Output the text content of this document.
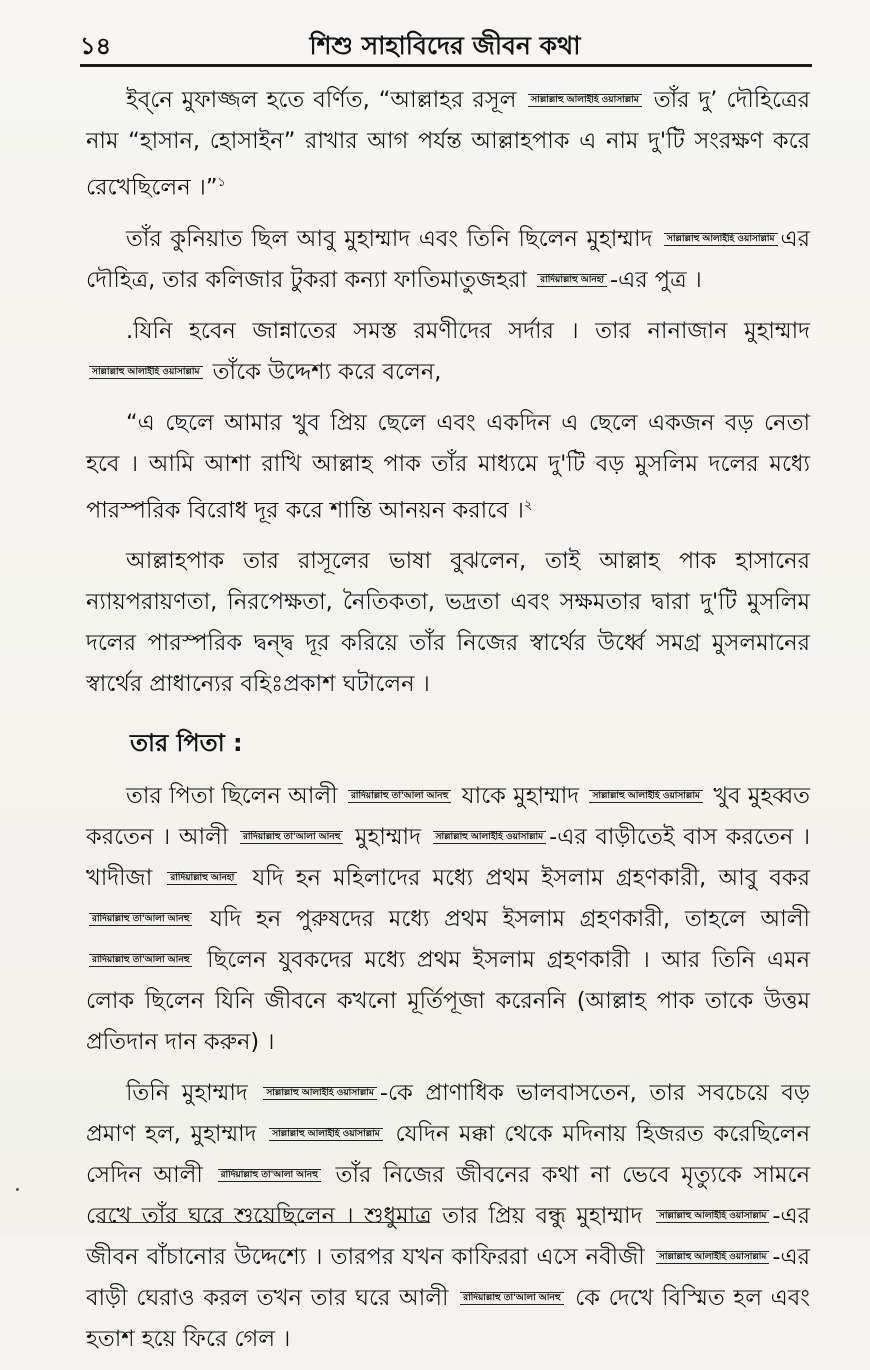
১৪	শিশু সাহাবিদের জীবন কথা

ইব্‌নে মুফাজ্জল হতে বর্ণিত, “আল্লাহর রসূল সাল্লাল্লাহু আলাইহি ওয়াসাল্লাম তাঁর দু’ দৌহিত্রের নাম “হাসান, হোসাইন” রাখার আগ পর্যন্ত আল্লাহপাক এ নাম দু'টি সংরক্ষণ করে রেখেছিলেন ।”$^১$

তাঁর কুনিয়াত ছিল আবু মুহাম্মাদ এবং তিনি ছিলেন মুহাম্মাদ সাল্লাল্লাহু আলাইহি ওয়াসাল্লাম এর দৌহিত্র, তার কলিজার টুকরা কন্যা ফাতিমাতুজহরা রাদিয়াল্লাহু আনহা -এর পুত্র ।

.যিনি হবেন জান্নাতের সমস্ত রমণীদের সর্দার । তার নানাজান মুহাম্মাদ সাল্লাল্লাহু আলাইহি ওয়াসাল্লাম তাঁকে উদ্দেশ্য করে বলেন,

“এ ছেলে আমার খুব প্রিয় ছেলে এবং একদিন এ ছেলে একজন বড় নেতা হবে । আমি আশা রাখি আল্লাহ পাক তাঁর মাধ্যমে দু'টি বড় মুসলিম দলের মধ্যে পারস্পরিক বিরোধ দূর করে শান্তি আনয়ন করাবে ।$^২$

আল্লাহপাক তার রাসূলের ভাষা বুঝলেন, তাই আল্লাহ পাক হাসানের ন্যায়পরায়ণতা, নিরপেক্ষতা, নৈতিকতা, ভদ্রতা এবং সক্ষমতার দ্বারা দু'টি মুসলিম দলের পারস্পরিক দ্বন্দ্ব দূর করিয়ে তাঁর নিজের স্বার্থের উর্ধ্বে সমগ্র মুসলমানের স্বার্থের প্রাধান্যের বহিঃপ্রকাশ ঘটালেন ।

তার পিতা :

তার পিতা ছিলেন আলী রাদিয়াল্লাহু তা'আলা আনহু যাকে মুহাম্মাদ সাল্লাল্লাহু আলাইহি ওয়াসাল্লাম খুব মুহব্বত করতেন । আলী রাদিয়াল্লাহু তা'আলা আনহু মুহাম্মাদ সাল্লাল্লাহু আলাইহি ওয়াসাল্লাম -এর বাড়ীতেই বাস করতেন । খাদীজা রাদিয়াল্লাহু আনহা যদি হন মহিলাদের মধ্যে প্রথম ইসলাম গ্রহণকারী, আবু বকর রাদিয়াল্লাহু তা'আলা আনহু যদি হন পুরুষদের মধ্যে প্রথম ইসলাম গ্রহণকারী, তাহলে আলী রাদিয়াল্লাহু তা'আলা আনহু ছিলেন যুবকদের মধ্যে প্রথম ইসলাম গ্রহণকারী । আর তিনি এমন লোক ছিলেন যিনি জীবনে কখনো মূর্তিপূজা করেননি (আল্লাহ পাক তাকে উত্তম প্রতিদান দান করুন) ।

তিনি মুহাম্মাদ সাল্লাল্লাহু আলাইহি ওয়াসাল্লাম -কে প্রাণাধিক ভালবাসতেন, তার সবচেয়ে বড় প্রমাণ হল, মুহাম্মাদ সাল্লাল্লাহু আলাইহি ওয়াসাল্লাম যেদিন মক্কা থেকে মদিনায় হিজরত করেছিলেন সেদিন আলী রাদিয়াল্লাহু তা'আলা আনহু তাঁর নিজের জীবনের কথা না ভেবে মৃত্যুকে সামনে রেখে তাঁর ঘরে শুয়েছিলেন । শুধুমাত্র তার প্রিয় বন্ধু মুহাম্মাদ সাল্লাল্লাহু আলাইহি ওয়াসাল্লাম -এর জীবন বাঁচানোর উদ্দেশ্যে । তারপর যখন কাফিররা এসে নবীজী সাল্লাল্লাহু আলাইহি ওয়াসাল্লাম -এর বাড়ী ঘেরাও করল তখন তার ঘরে আলী রাদিয়াল্লাহু তা'আলা আনহু কে দেখে বিস্মিত হল এবং হতাশ হয়ে ফিরে গেল ।
